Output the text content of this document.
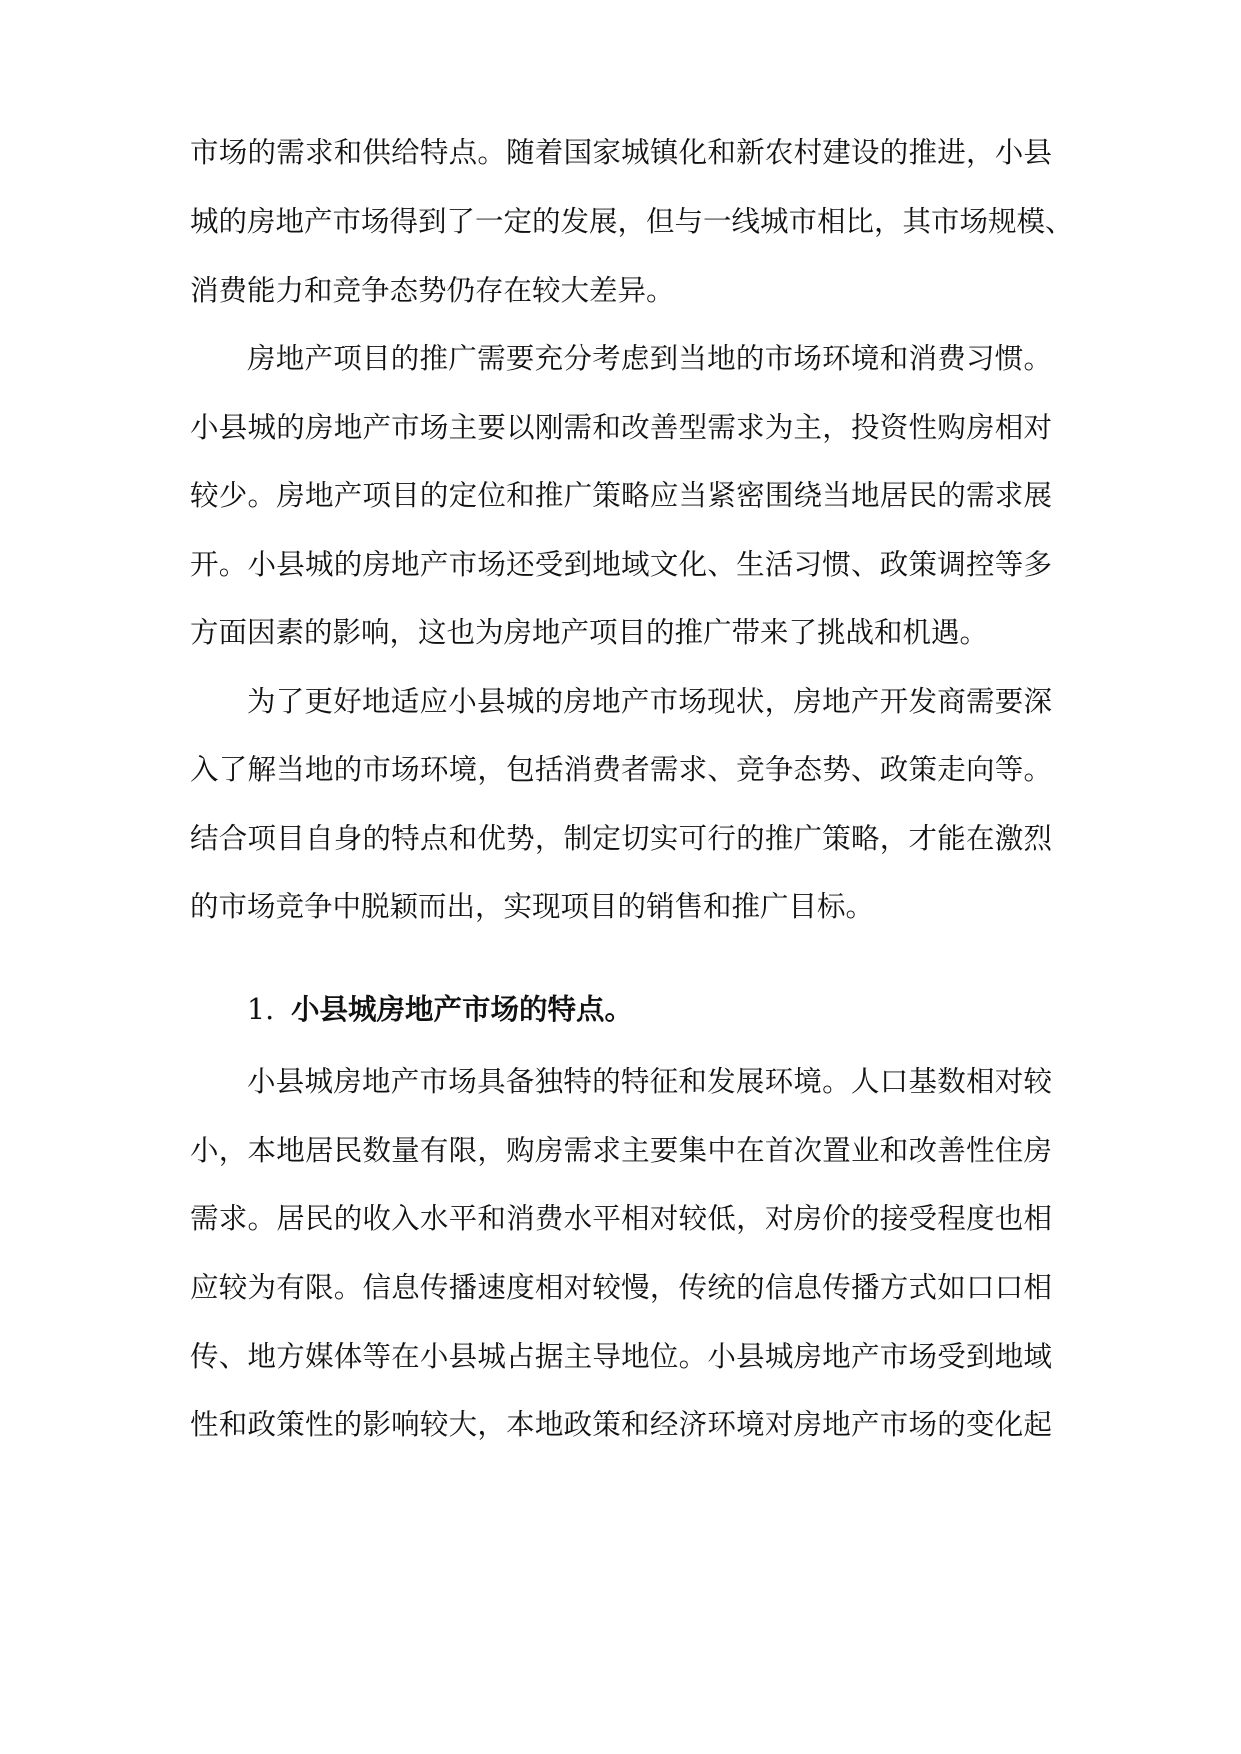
市场的需求和供给特点。随着国家城镇化和新农村建设的推进，小县
城的房地产市场得到了一定的发展，但与一线城市相比，其市场规模、
消费能力和竞争态势仍存在较大差异。
房地产项目的推广需要充分考虑到当地的市场环境和消费习惯。
小县城的房地产市场主要以刚需和改善型需求为主，投资性购房相对
较少。房地产项目的定位和推广策略应当紧密围绕当地居民的需求展
开。小县城的房地产市场还受到地域文化、生活习惯、政策调控等多
方面因素的影响，这也为房地产项目的推广带来了挑战和机遇。
为了更好地适应小县城的房地产市场现状，房地产开发商需要深
入了解当地的市场环境，包括消费者需求、竞争态势、政策走向等。
结合项目自身的特点和优势，制定切实可行的推广策略，才能在激烈
的市场竞争中脱颖而出，实现项目的销售和推广目标。
1. 小县城房地产市场的特点。
小县城房地产市场具备独特的特征和发展环境。人口基数相对较
小，本地居民数量有限，购房需求主要集中在首次置业和改善性住房
需求。居民的收入水平和消费水平相对较低，对房价的接受程度也相
应较为有限。信息传播速度相对较慢，传统的信息传播方式如口口相
传、地方媒体等在小县城占据主导地位。小县城房地产市场受到地域
性和政策性的影响较大，本地政策和经济环境对房地产市场的变化起
